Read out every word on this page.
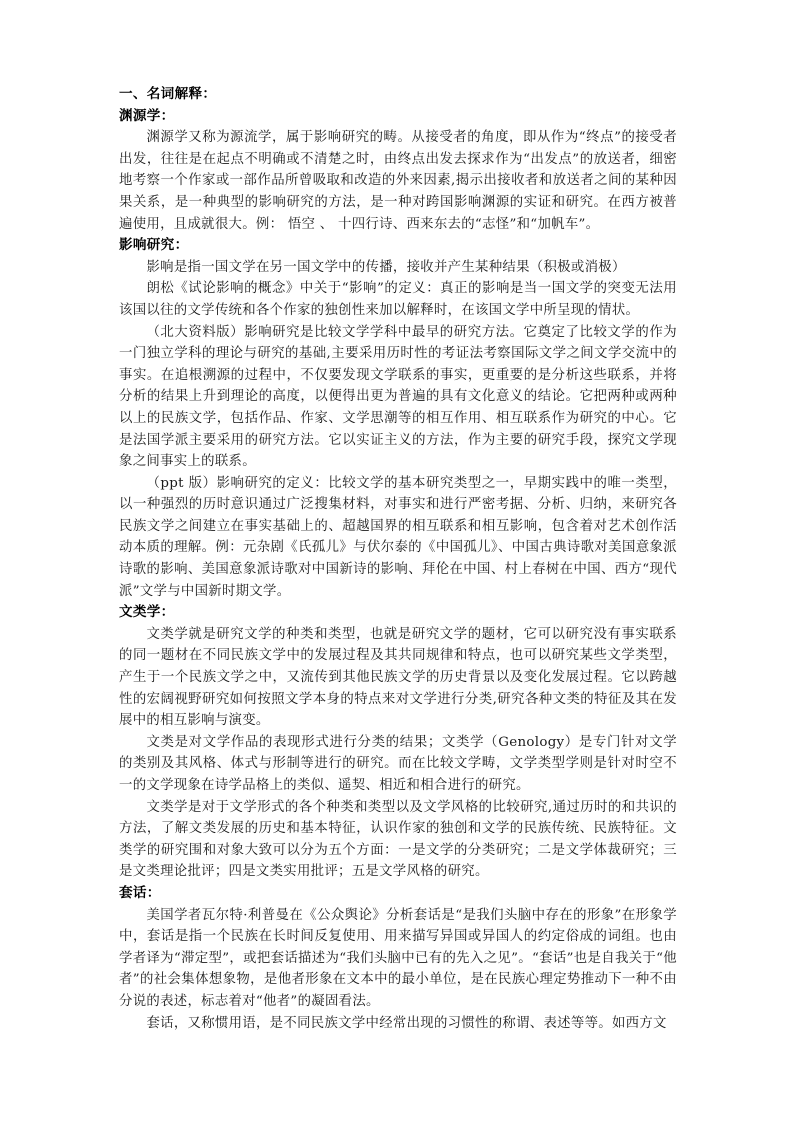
一、名词解释：

渊源学：

渊源学又称为源流学，属于影响研究的畴。从接受者的角度，即从作为“终点”的接受者出发，往往是在起点不明确或不清楚之时，由终点出发去探求作为“出发点”的放送者，细密地考察一个作家或一部作品所曾吸取和改造的外来因素,揭示出接收者和放送者之间的某种因果关系，是一种典型的影响研究的方法，是一种对跨国影响渊源的实证和研究。在西方被普遍使用，且成就很大。例： 悟空 、 十四行诗、西来东去的“志怪”和“加帆车”。

影响研究：

影响是指一国文学在另一国文学中的传播，接收并产生某种结果（积极或消极）

朗松《试论影响的概念》中关于“影响”的定义：真正的影响是当一国文学的突变无法用该国以往的文学传统和各个作家的独创性来加以解释时，在该国文学中所呈现的情状。

（北大资料版）影响研究是比较文学学科中最早的研究方法。它奠定了比较文学的作为一门独立学科的理论与研究的基础,主要采用历时性的考证法考察国际文学之间文学交流中的事实。在追根溯源的过程中，不仅要发现文学联系的事实，更重要的是分析这些联系，并将分析的结果上升到理论的高度，以便得出更为普遍的具有文化意义的结论。它把两种或两种以上的民族文学，包括作品、作家、文学思潮等的相互作用、相互联系作为研究的中心。它是法国学派主要采用的研究方法。它以实证主义的方法，作为主要的研究手段，探究文学现象之间事实上的联系。

（ppt 版）影响研究的定义：比较文学的基本研究类型之一，早期实践中的唯一类型，以一种强烈的历时意识通过广泛搜集材料，对事实和进行严密考据、分析、归纳，来研究各民族文学之间建立在事实基础上的、超越国界的相互联系和相互影响，包含着对艺术创作活动本质的理解。例：元杂剧《氏孤儿》与伏尔泰的《中国孤儿》、中国古典诗歌对美国意象派诗歌的影响、美国意象派诗歌对中国新诗的影响、拜伦在中国、村上春树在中国、西方“现代派”文学与中国新时期文学。

文类学：

文类学就是研究文学的种类和类型，也就是研究文学的题材，它可以研究没有事实联系的同一题材在不同民族文学中的发展过程及其共同规律和特点，也可以研究某些文学类型，产生于一个民族文学之中，又流传到其他民族文学的历史背景以及变化发展过程。它以跨越性的宏阔视野研究如何按照文学本身的特点来对文学进行分类,研究各种文类的特征及其在发展中的相互影响与演变。

文类是对文学作品的表现形式进行分类的结果；文类学（Genology）是专门针对文学的类别及其风格、体式与形制等进行的研究。而在比较文学畴，文学类型学则是针对时空不一的文学现象在诗学品格上的类似、遥契、相近和相合进行的研究。

文类学是对于文学形式的各个种类和类型以及文学风格的比较研究,通过历时的和共识的方法，了解文类发展的历史和基本特征，认识作家的独创和文学的民族传统、民族特征。文类学的研究围和对象大致可以分为五个方面：一是文学的分类研究；二是文学体裁研究；三是文类理论批评；四是文类实用批评；五是文学风格的研究。

套话：

美国学者瓦尔特·利普曼在《公众舆论》分析套话是“是我们头脑中存在的形象”在形象学中，套话是指一个民族在长时间反复使用、用来描写异国或异国人的约定俗成的词组。也由学者译为“滞定型”，或把套话描述为“我们头脑中已有的先入之见”。“套话”也是自我关于“他者”的社会集体想象物，是他者形象在文本中的最小单位，是在民族心理定势推动下一种不由分说的表述，标志着对“他者”的凝固看法。

套话，又称惯用语，是不同民族文学中经常出现的习惯性的称谓、表述等等。如西方文
